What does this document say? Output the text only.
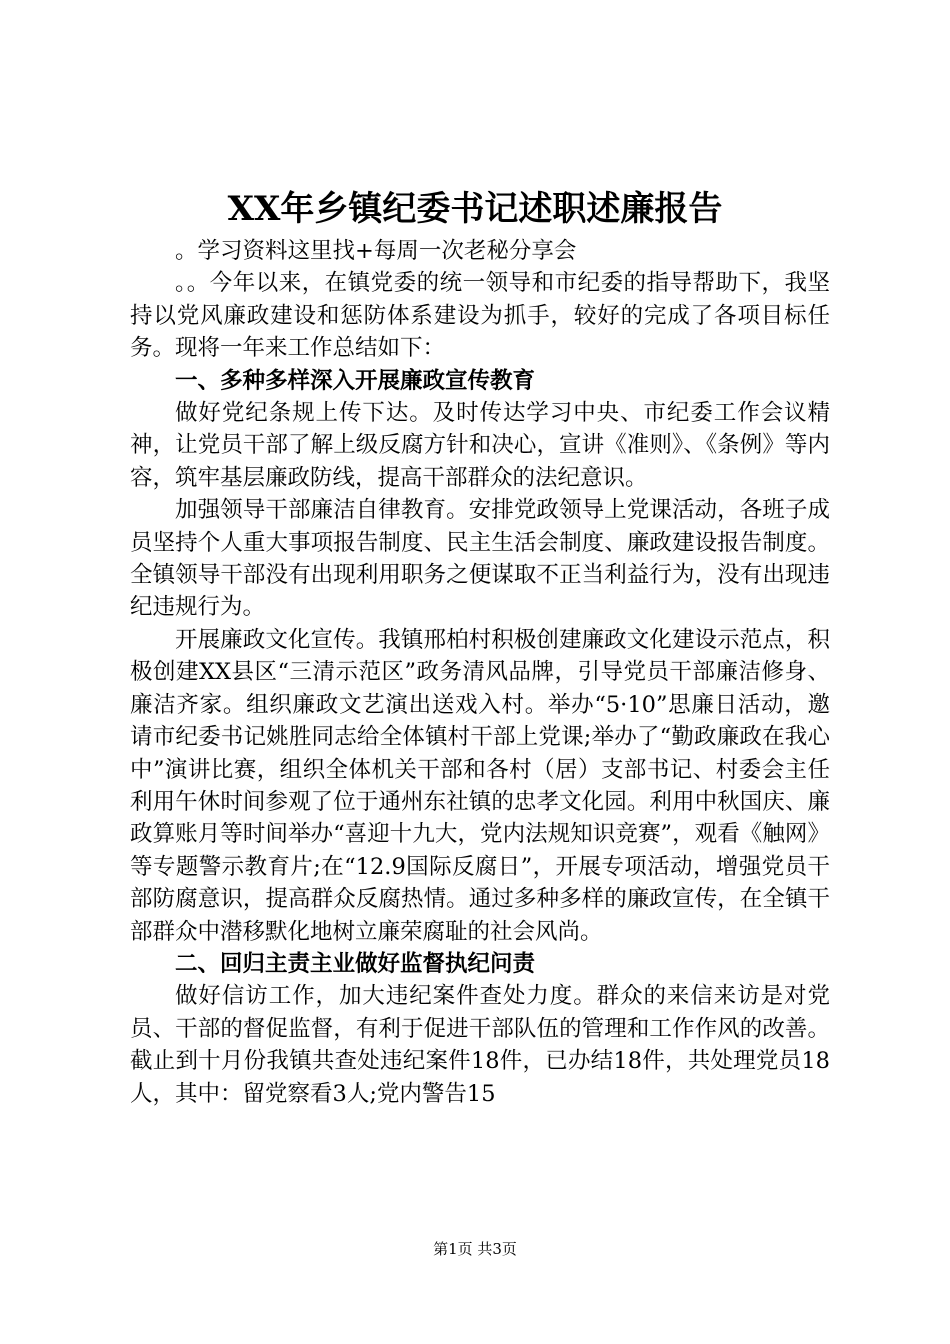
XX年乡镇纪委书记述职述廉报告

。学习资料这里找+每周一次老秘分享会

。。今年以来，在镇党委的统一领导和市纪委的指导帮助下，我坚持以党风廉政建设和惩防体系建设为抓手，较好的完成了各项目标任务。现将一年来工作总结如下：

一、多种多样深入开展廉政宣传教育

做好党纪条规上传下达。及时传达学习中央、市纪委工作会议精神，让党员干部了解上级反腐方针和决心，宣讲《准则》、《条例》等内容，筑牢基层廉政防线，提高干部群众的法纪意识。

加强领导干部廉洁自律教育。安排党政领导上党课活动，各班子成员坚持个人重大事项报告制度、民主生活会制度、廉政建设报告制度。全镇领导干部没有出现利用职务之便谋取不正当利益行为，没有出现违纪违规行为。

开展廉政文化宣传。我镇邢柏村积极创建廉政文化建设示范点，积极创建XX县区“三清示范区”政务清风品牌，引导党员干部廉洁修身、廉洁齐家。组织廉政文艺演出送戏入村。举办“5·10”思廉日活动，邀请市纪委书记姚胜同志给全体镇村干部上党课;举办了“勤政廉政在我心中”演讲比赛，组织全体机关干部和各村（居）支部书记、村委会主任利用午休时间参观了位于通州东社镇的忠孝文化园。利用中秋国庆、廉政算账月等时间举办“喜迎十九大，党内法规知识竞赛”，观看《触网》等专题警示教育片;在“12.9国际反腐日”，开展专项活动，增强党员干部防腐意识，提高群众反腐热情。通过多种多样的廉政宣传，在全镇干部群众中潜移默化地树立廉荣腐耻的社会风尚。

二、回归主责主业做好监督执纪问责

做好信访工作，加大违纪案件查处力度。群众的来信来访是对党员、干部的督促监督，有利于促进干部队伍的管理和工作作风的改善。截止到十月份我镇共查处违纪案件18件，已办结18件，共处理党员18人，其中：留党察看3人;党内警告15

第1页 共3页
